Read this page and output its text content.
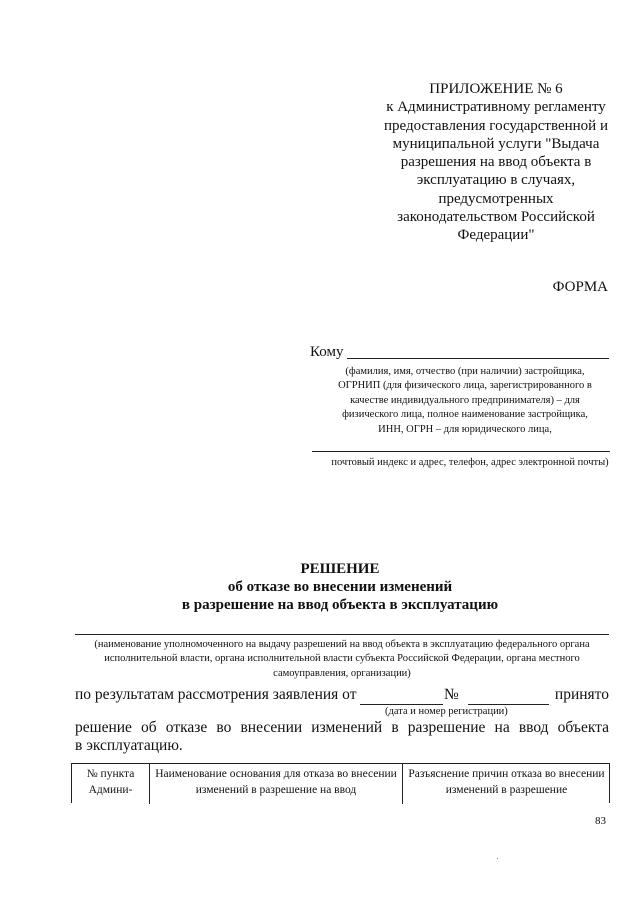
ПРИЛОЖЕНИЕ № 6
к Административному регламенту
предоставления государственной и
муниципальной услуги "Выдача
разрешения на ввод объекта в
эксплуатацию в случаях,
предусмотренных
законодательством Российской
Федерации"
ФОРМА
Кому
(фамилия, имя, отчество (при наличии) застройщика,
ОГРНИП (для физического лица, зарегистрированного в
качестве индивидуального предпринимателя) – для
физического лица, полное наименование застройщика,
ИНН, ОГРН – для юридического лица,
почтовый индекс и адрес, телефон, адрес электронной почты)
РЕШЕНИЕ
об отказе во внесении изменений
в разрешение на ввод объекта в эксплуатацию
(наименование уполномоченного на выдачу разрешений на ввод объекта в эксплуатацию федерального органа
исполнительной власти, органа исполнительной власти субъекта Российской Федерации, органа местного
самоуправления, организации)
по результатам рассмотрения заявления от	№	принято
(дата и номер регистрации)
решение об отказе во внесении изменений в разрешение на ввод объекта
в эксплуатацию.
№ пункта Админи-
Наименование основания для отказа во внесении изменений в разрешение на ввод
Разъяснение причин отказа во внесении изменений в разрешение
83
